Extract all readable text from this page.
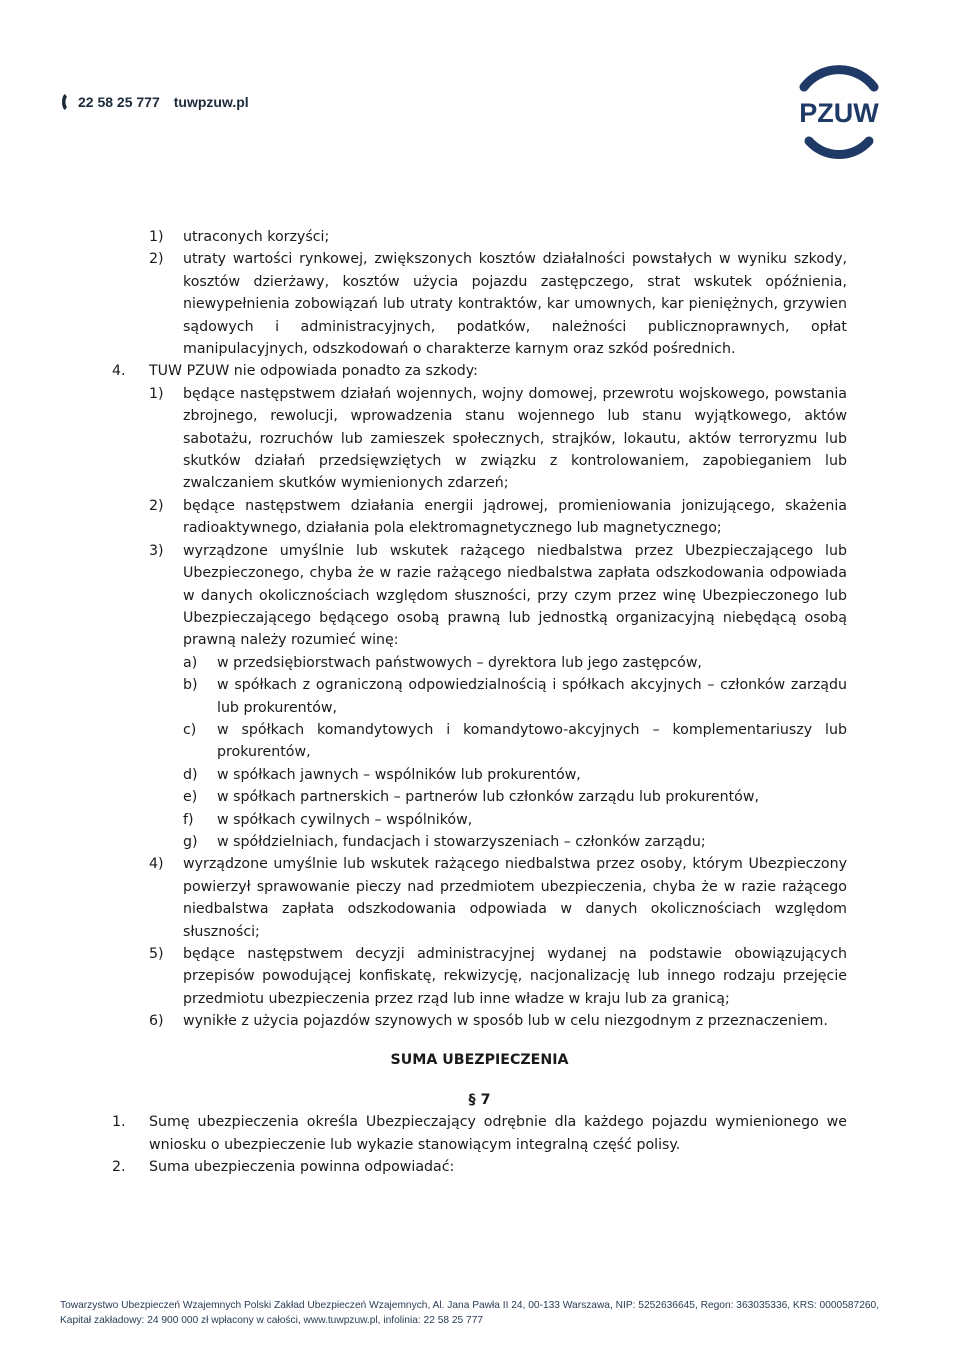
22 58 25 777 tuwpzuw.pl	PZUW
1) utraconych korzyści;
2) utraty wartości rynkowej, zwiększonych kosztów działalności powstałych w wyniku szkody, kosztów dzierżawy, kosztów użycia pojazdu zastępczego, strat wskutek opóźnienia, niewypełnienia zobowiązań lub utraty kontraktów, kar umownych, kar pieniężnych, grzywien sądowych i administracyjnych, podatków, należności publicznoprawnych, opłat manipulacyjnych, odszkodowań o charakterze karnym oraz szkód pośrednich.
4. TUW PZUW nie odpowiada ponadto za szkody:
1) będące następstwem działań wojennych, wojny domowej, przewrotu wojskowego, powstania zbrojnego, rewolucji, wprowadzenia stanu wojennego lub stanu wyjątkowego, aktów sabotażu, rozruchów lub zamieszek społecznych, strajków, lokautu, aktów terroryzmu lub skutków działań przedsięwziętych w związku z kontrolowaniem, zapobieganiem lub zwalczaniem skutków wymienionych zdarzeń;
2) będące następstwem działania energii jądrowej, promieniowania jonizującego, skażenia radioaktywnego, działania pola elektromagnetycznego lub magnetycznego;
3) wyrządzone umyślnie lub wskutek rażącego niedbalstwa przez Ubezpieczającego lub Ubezpieczonego, chyba że w razie rażącego niedbalstwa zapłata odszkodowania odpowiada w danych okolicznościach względom słuszności, przy czym przez winę Ubezpieczonego lub Ubezpieczającego będącego osobą prawną lub jednostką organizacyjną niebędącą osobą prawną należy rozumieć winę:
a) w przedsiębiorstwach państwowych – dyrektora lub jego zastępców,
b) w spółkach z ograniczoną odpowiedzialnością i spółkach akcyjnych – członków zarządu lub prokurentów,
c) w spółkach komandytowych i komandytowo-akcyjnych – komplementariuszy lub prokurentów,
d) w spółkach jawnych – wspólników lub prokurentów,
e) w spółkach partnerskich – partnerów lub członków zarządu lub prokurentów,
f) w spółkach cywilnych – wspólników,
g) w spółdzielniach, fundacjach i stowarzyszeniach – członków zarządu;
4) wyrządzone umyślnie lub wskutek rażącego niedbalstwa przez osoby, którym Ubezpieczony powierzył sprawowanie pieczy nad przedmiotem ubezpieczenia, chyba że w razie rażącego niedbalstwa zapłata odszkodowania odpowiada w danych okolicznościach względom słuszności;
5) będące następstwem decyzji administracyjnej wydanej na podstawie obowiązujących przepisów powodującej konfiskatę, rekwizycję, nacjonalizację lub innego rodzaju przejęcie przedmiotu ubezpieczenia przez rząd lub inne władze w kraju lub za granicą;
6) wynikłe z użycia pojazdów szynowych w sposób lub w celu niezgodnym z przeznaczeniem.
SUMA UBEZPIECZENIA
§ 7
1. Sumę ubezpieczenia określa Ubezpieczający odrębnie dla każdego pojazdu wymienionego we wniosku o ubezpieczenie lub wykazie stanowiącym integralną część polisy.
2. Suma ubezpieczenia powinna odpowiadać:
Towarzystwo Ubezpieczeń Wzajemnych Polski Zakład Ubezpieczeń Wzajemnych, Al. Jana Pawła II 24, 00-133 Warszawa, NIP: 5252636645, Regon: 363035336, KRS: 0000587260,
Kapitał zakładowy: 24 900 000 zł wpłacony w całości, www.tuwpzuw.pl, infolinia: 22 58 25 777
